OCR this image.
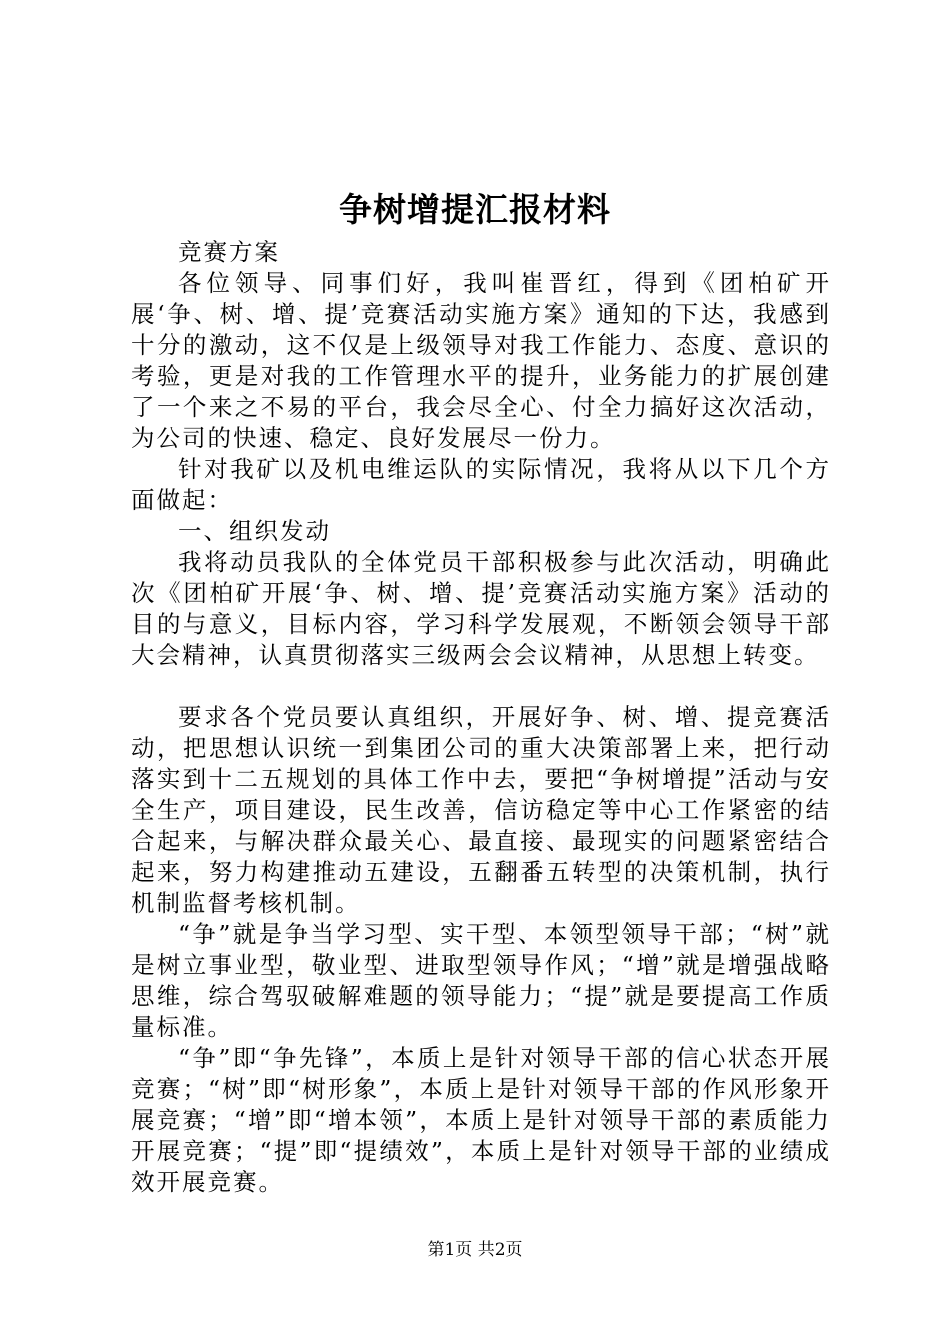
争树增提汇报材料

竞赛方案

各位领导、同事们好，我叫崔晋红，得到《团柏矿开展‘争、树、增、提’竞赛活动实施方案》通知的下达，我感到十分的激动，这不仅是上级领导对我工作能力、态度、意识的考验，更是对我的工作管理水平的提升，业务能力的扩展创建了一个来之不易的平台，我会尽全心、付全力搞好这次活动，为公司的快速、稳定、良好发展尽一份力。

针对我矿以及机电维运队的实际情况，我将从以下几个方面做起：

一、组织发动

我将动员我队的全体党员干部积极参与此次活动，明确此次《团柏矿开展‘争、树、增、提’竞赛活动实施方案》活动的目的与意义，目标内容，学习科学发展观，不断领会领导干部大会精神，认真贯彻落实三级两会会议精神，从思想上转变。

要求各个党员要认真组织，开展好争、树、增、提竞赛活动，把思想认识统一到集团公司的重大决策部署上来，把行动落实到十二五规划的具体工作中去，要把“争树增提”活动与安全生产，项目建设，民生改善，信访稳定等中心工作紧密的结合起来，与解决群众最关心、最直接、最现实的问题紧密结合起来，努力构建推动五建设，五翻番五转型的决策机制，执行机制监督考核机制。

“争”就是争当学习型、实干型、本领型领导干部；“树”就是树立事业型，敬业型、进取型领导作风；“增”就是增强战略思维，综合驾驭破解难题的领导能力；“提”就是要提高工作质量标准。

“争”即“争先锋”，本质上是针对领导干部的信心状态开展竞赛；“树”即“树形象”，本质上是针对领导干部的作风形象开展竞赛；“增”即“增本领”，本质上是针对领导干部的素质能力开展竞赛；“提”即“提绩效”，本质上是针对领导干部的业绩成效开展竞赛。

第1页 共2页
